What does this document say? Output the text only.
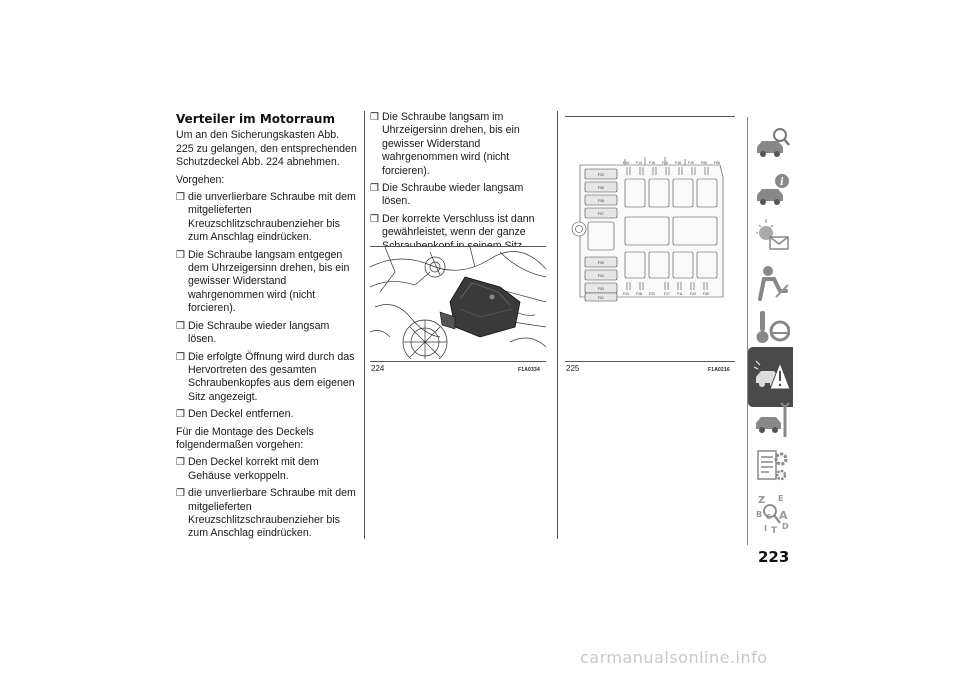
Verteiler im Motorraum
Um an den Sicherungskasten Abb. 225 zu gelangen, den entsprechenden Schutzdeckel Abb. 224 abnehmen.
Vorgehen:
❒ die unverlierbare Schraube mit dem mitgelieferten Kreuzschlitzschraubenzieher bis zum Anschlag eindrücken.
❒ Die Schraube langsam entgegen dem Uhrzeigersinn drehen, bis ein gewisser Widerstand wahrgenommen wird (nicht forcieren).
❒ Die Schraube wieder langsam lösen.
❒ Die erfolgte Öffnung wird durch das Hervortreten des gesamten Schraubenkopfes aus dem eigenen Sitz angezeigt.
❒ Den Deckel entfernen.
Für die Montage des Deckels folgendermaßen vorgehen:
❒ Den Deckel korrekt mit dem Gehäuse verkoppeln.
❒ die unverlierbare Schraube mit dem mitgelieferten Kreuzschlitzschraubenzieher bis zum Anschlag eindrücken.
❒ Die Schraube langsam im Uhrzeigersinn drehen, bis ein gewisser Widerstand wahrgenommen wird (nicht forcieren).
❒ Die Schraube wieder langsam lösen.
❒ Der korrekte Verschluss ist dann gewährleistet, wenn der ganze
224	F1A0334
F14 F14 F16 F15 F18 F19 F06 F08
F02
F06
F08
F07
F05
F04
F03
F01
F23 F18 F21	F17 F11 F22 F30
225	F1A0216
i
Z E
B A
C
D
I T
223
carmanualsonline.info
